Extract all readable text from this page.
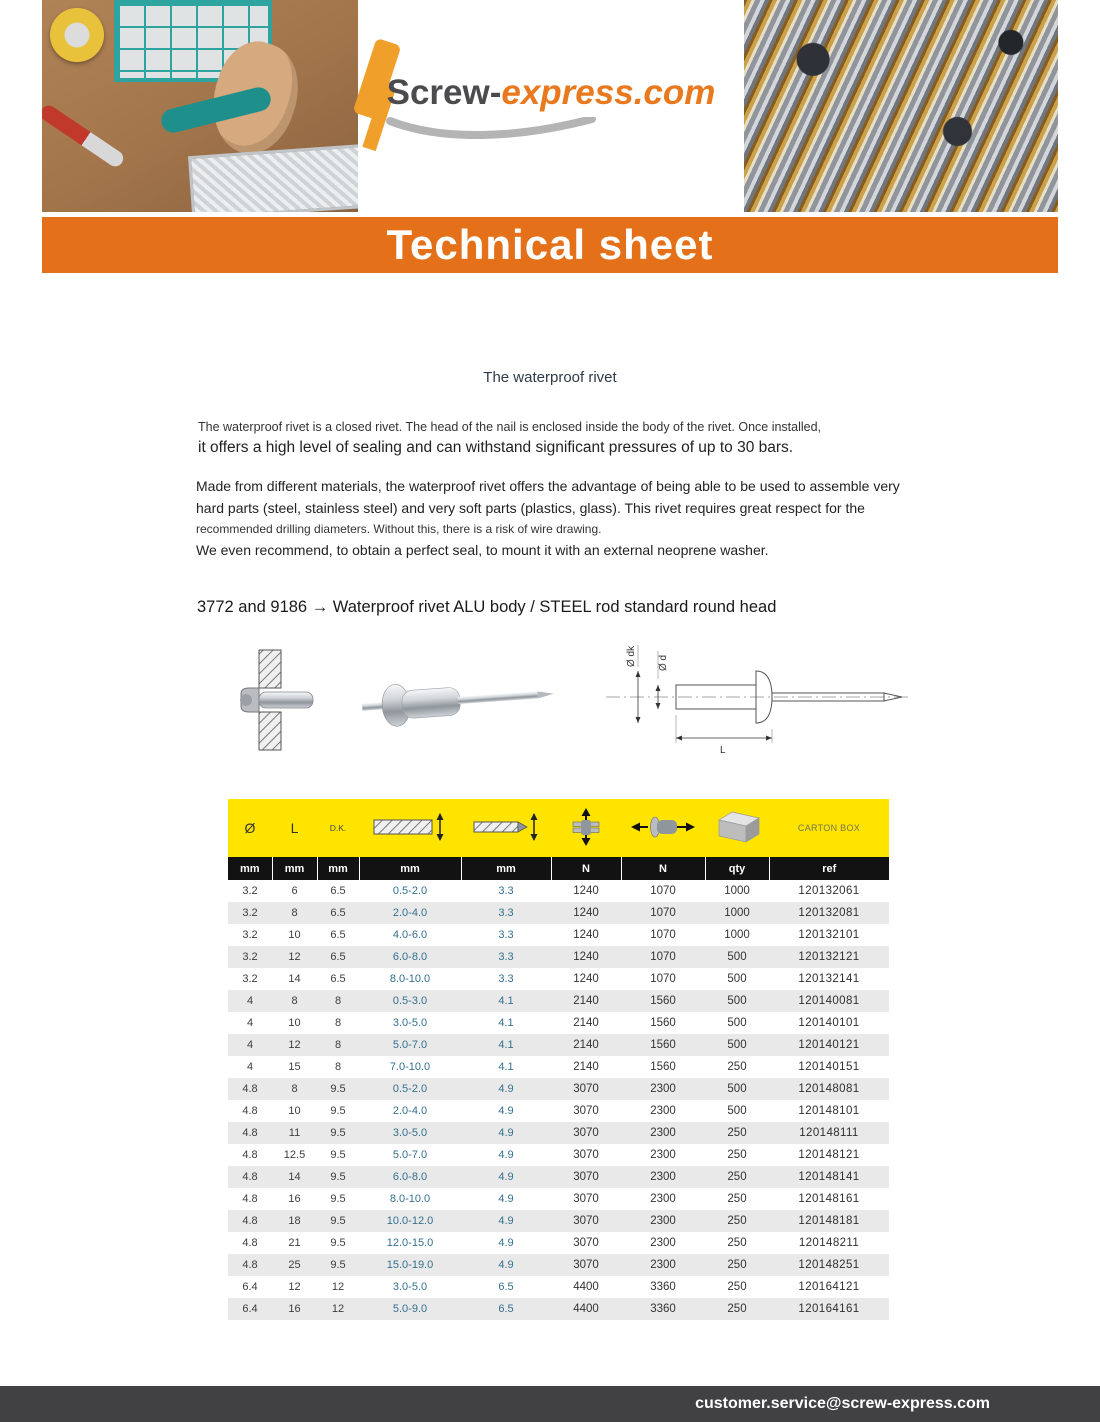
Screw-express.com
Technical sheet
The waterproof rivet

The waterproof rivet is a closed rivet. The head of the nail is enclosed inside the body of the rivet. Once installed,

it offers a high level of sealing and can withstand significant pressures of up to 30 bars.

Made from different materials, the waterproof rivet offers the advantage of being able to be used to assemble very

hard parts (steel, stainless steel) and very soft parts (plastics, glass). This rivet requires great respect for the

recommended drilling diameters. Without this, there is a risk of wire drawing.

We even recommend, to obtain a perfect seal, to mount it with an external neoprene washer.

3772 and 9186 → Waterproof rivet ALU body / STEEL rod standard round head
Ø d
Ø dk
L
Ø	L	D.K.						CARTON BOX
mm	mm	mm	mm	mm	N	N	qty	ref
3.2	6	6.5	0.5-2.0	3.3	1240	1070	1000	120132061
3.2	8	6.5	2.0-4.0	3.3	1240	1070	1000	120132081
3.2	10	6.5	4.0-6.0	3.3	1240	1070	1000	120132101
3.2	12	6.5	6.0-8.0	3.3	1240	1070	500	120132121
3.2	14	6.5	8.0-10.0	3.3	1240	1070	500	120132141
4	8	8	0.5-3.0	4.1	2140	1560	500	120140081
4	10	8	3.0-5.0	4.1	2140	1560	500	120140101
4	12	8	5.0-7.0	4.1	2140	1560	500	120140121
4	15	8	7.0-10.0	4.1	2140	1560	250	120140151
4.8	8	9.5	0.5-2.0	4.9	3070	2300	500	120148081
4.8	10	9.5	2.0-4.0	4.9	3070	2300	500	120148101
4.8	11	9.5	3.0-5.0	4.9	3070	2300	250	120148111
4.8	12.5	9.5	5.0-7.0	4.9	3070	2300	250	120148121
4.8	14	9.5	6.0-8.0	4.9	3070	2300	250	120148141
4.8	16	9.5	8.0-10.0	4.9	3070	2300	250	120148161
4.8	18	9.5	10.0-12.0	4.9	3070	2300	250	120148181
4.8	21	9.5	12.0-15.0	4.9	3070	2300	250	120148211
4.8	25	9.5	15.0-19.0	4.9	3070	2300	250	120148251
6.4	12	12	3.0-5.0	6.5	4400	3360	250	120164121
6.4	16	12	5.0-9.0	6.5	4400	3360	250	120164161
customer.service@screw-express.com
